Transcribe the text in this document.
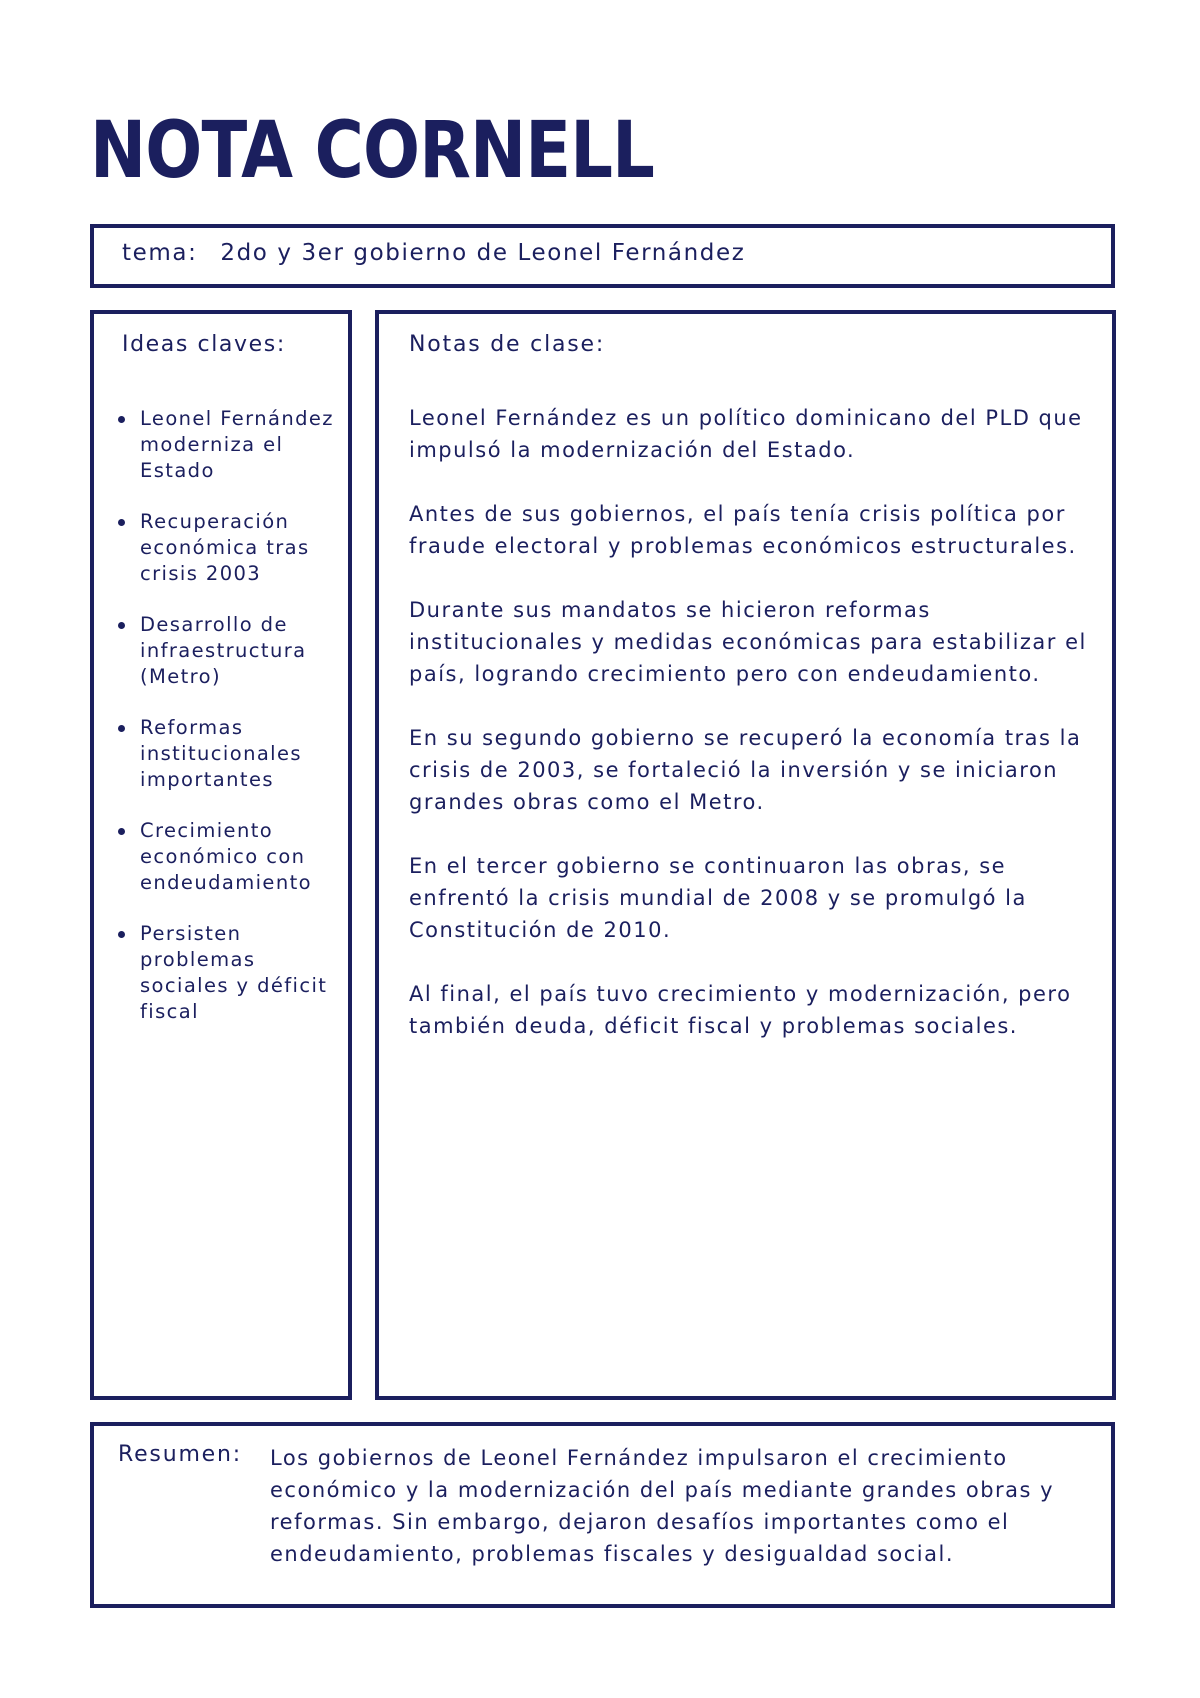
NOTA CORNELL
tema: 2do y 3er gobierno de Leonel Fernández
Ideas claves:
Leonel Fernández moderniza el Estado
Recuperación económica tras crisis 2003
Desarrollo de infraestructura (Metro)
Reformas institucionales importantes
Crecimiento económico con endeudamiento
Persisten problemas sociales y déficit fiscal
Notas de clase:

Leonel Fernández es un político dominicano del PLD que impulsó la modernización del Estado.

Antes de sus gobiernos, el país tenía crisis política por fraude electoral y problemas económicos estructurales.

Durante sus mandatos se hicieron reformas institucionales y medidas económicas para estabilizar el país, logrando crecimiento pero con endeudamiento.

En su segundo gobierno se recuperó la economía tras la crisis de 2003, se fortaleció la inversión y se iniciaron grandes obras como el Metro.

En el tercer gobierno se continuaron las obras, se enfrentó la crisis mundial de 2008 y se promulgó la Constitución de 2010.

Al final, el país tuvo crecimiento y modernización, pero también deuda, déficit fiscal y problemas sociales.

Resumen: Los gobiernos de Leonel Fernández impulsaron el crecimiento económico y la modernización del país mediante grandes obras y reformas. Sin embargo, dejaron desafíos importantes como el endeudamiento, problemas fiscales y desigualdad social.
